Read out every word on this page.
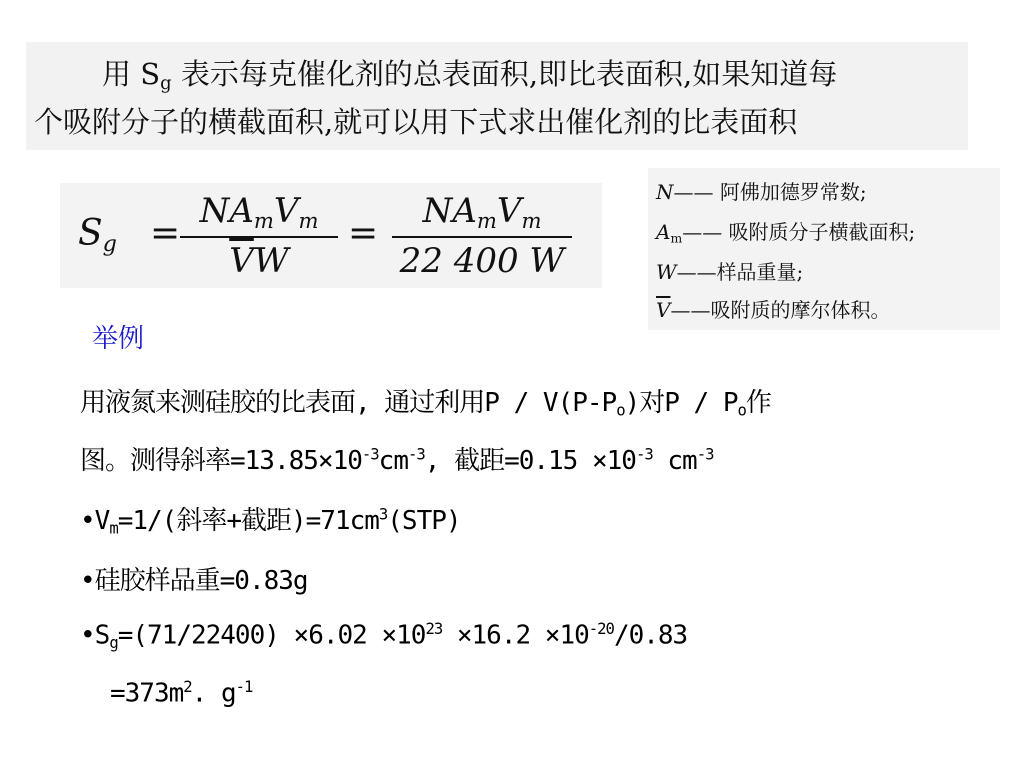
用 $S_g$ 表示每克催化剂的总表面积,即比表面积,如果知道每
个吸附分子的横截面积,就可以用下式求出催化剂的比表面积
$S_g$ =
$NA_mV_m$
$\overline{V}W$
=
$NA_mV_m$
22 400 W
N—— 阿佛加德罗常数;
$A_m——$ 吸附质分子横截面积;
W——样品重量;
$\overline{V}——$吸附质的摩尔体积。
举例
用液氮来测硅胶的比表面, 通过利用P / V(P-Po)对P / Po作
图。测得斜率$=13.85\times 10^{-3}cm^{-3}$, 截距$=0.15 \times 10^{-3}$ $cm^{-3}$
•Vm=1/(斜率+截距)$=71cm^3(STP)$
•硅胶样品重=0.83g
•Sg=(71/22400) $\times 6.02 \times 10^{23} \times 16.2 \times 10^{-20}/0.83$
$=373m^2$. $g^{-1}$
